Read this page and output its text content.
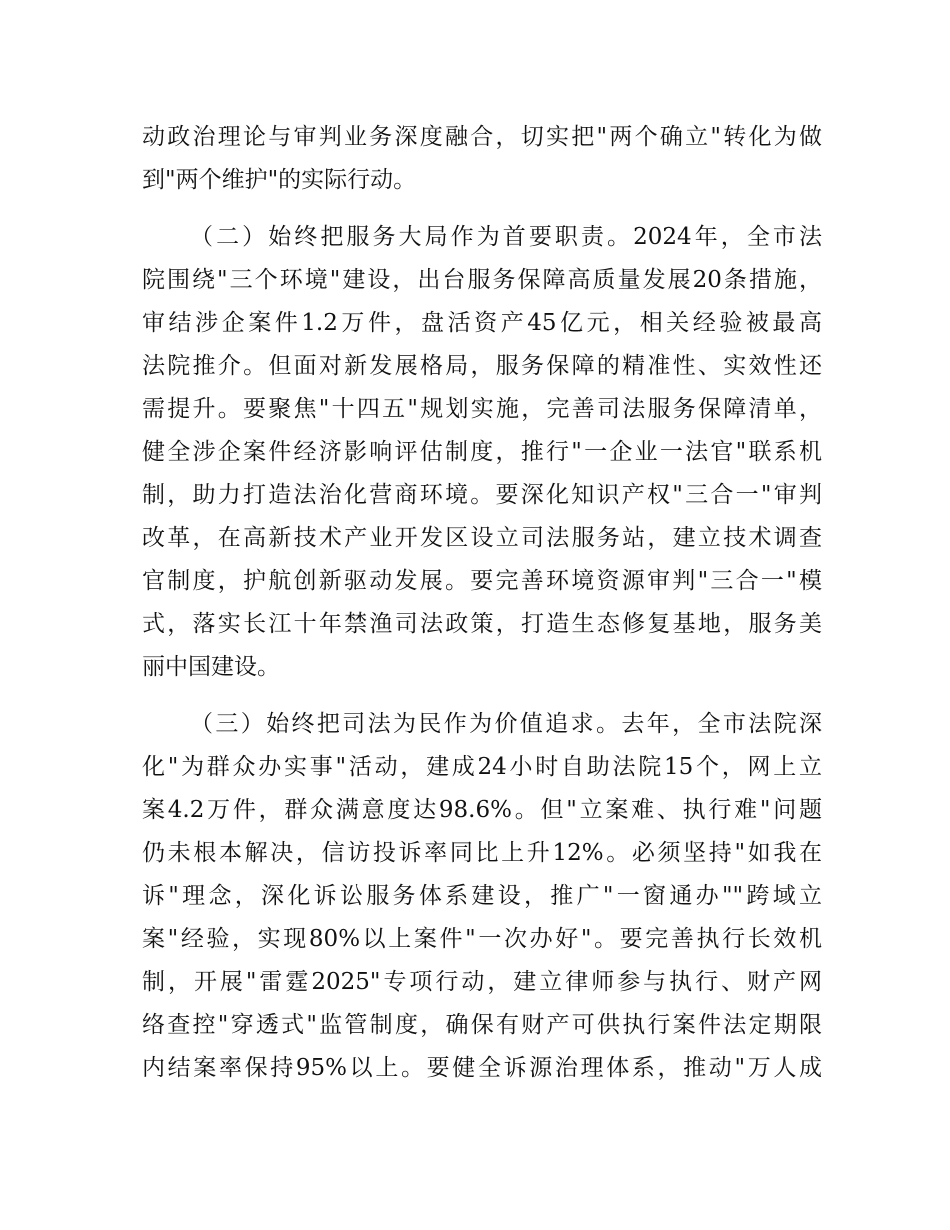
动政治理论与审判业务深度融合，切实把"两个确立"转化为做
到"两个维护"的实际行动。
（二）始终把服务大局作为首要职责。2024年，全市法
院围绕"三个环境"建设，出台服务保障高质量发展20条措施，
审结涉企案件1.2万件，盘活资产45亿元，相关经验被最高
法院推介。但面对新发展格局，服务保障的精准性、实效性还
需提升。要聚焦"十四五"规划实施，完善司法服务保障清单，
健全涉企案件经济影响评估制度，推行"一企业一法官"联系机
制，助力打造法治化营商环境。要深化知识产权"三合一"审判
改革，在高新技术产业开发区设立司法服务站，建立技术调查
官制度，护航创新驱动发展。要完善环境资源审判"三合一"模
式，落实长江十年禁渔司法政策，打造生态修复基地，服务美
丽中国建设。
（三）始终把司法为民作为价值追求。去年，全市法院深
化"为群众办实事"活动，建成24小时自助法院15个，网上立
案4.2万件，群众满意度达98.6%。但"立案难、执行难"问题
仍未根本解决，信访投诉率同比上升12%。必须坚持"如我在
诉"理念，深化诉讼服务体系建设，推广"一窗通办""跨域立
案"经验，实现80%以上案件"一次办好"。要完善执行长效机
制，开展"雷霆2025"专项行动，建立律师参与执行、财产网
络查控"穿透式"监管制度，确保有财产可供执行案件法定期限
内结案率保持95%以上。要健全诉源治理体系，推动"万人成
